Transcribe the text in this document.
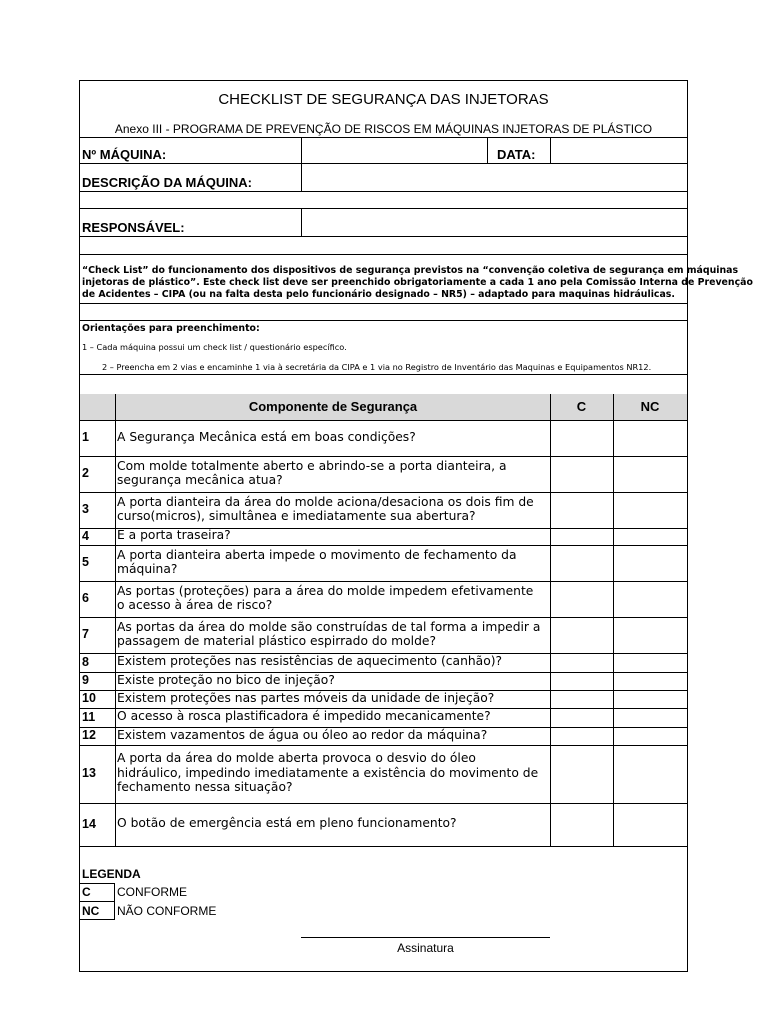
CHECKLIST DE SEGURANÇA DAS INJETORAS
Anexo III - PROGRAMA DE PREVENÇÃO DE RISCOS EM MÁQUINAS INJETORAS DE PLÁSTICO
Nº MÁQUINA:	DATA:
DESCRIÇÃO DA MÁQUINA:
RESPONSÁVEL:
“Check List” do funcionamento dos dispositivos de segurança previstos na “convenção coletiva de segurança em máquinas
injetoras de plástico”. Este check list deve ser preenchido obrigatoriamente a cada 1 ano pela Comissão Interna de Prevenção
de Acidentes – CIPA (ou na falta desta pelo funcionário designado – NR5) – adaptado para maquinas hidráulicas.
Orientações para preenchimento:
1 – Cada máquina possui um check list / questionário específico.
2 – Preencha em 2 vias e encaminhe 1 via à secretária da CIPA e 1 via no Registro de Inventário das Maquinas e Equipamentos NR12.
Componente de Segurança	C	NC
1 A Segurança Mecânica está em boas condições?
2
Com molde totalmente aberto e abrindo-se a porta dianteira, a
segurança mecânica atua?
3
A porta dianteira da área do molde aciona/desaciona os dois fim de
curso(micros), simultânea e imediatamente sua abertura?
4 E a porta traseira?
5
A porta dianteira aberta impede o movimento de fechamento da
máquina?
6
As portas (proteções) para a área do molde impedem efetivamente
o acesso à área de risco?
7
As portas da área do molde são construídas de tal forma a impedir a
passagem de material plástico espirrado do molde?
8 Existem proteções nas resistências de aquecimento (canhão)?
9 Existe proteção no bico de injeção?
10 Existem proteções nas partes móveis da unidade de injeção?
11 O acesso à rosca plastificadora é impedido mecanicamente?
12 Existem vazamentos de água ou óleo ao redor da máquina?
13
A porta da área do molde aberta provoca o desvio do óleo
hidráulico, impedindo imediatamente a existência do movimento de
fechamento nessa situação?
14 O botão de emergência está em pleno funcionamento?
LEGENDA
C CONFORME
NC NÃO CONFORME
Assinatura
